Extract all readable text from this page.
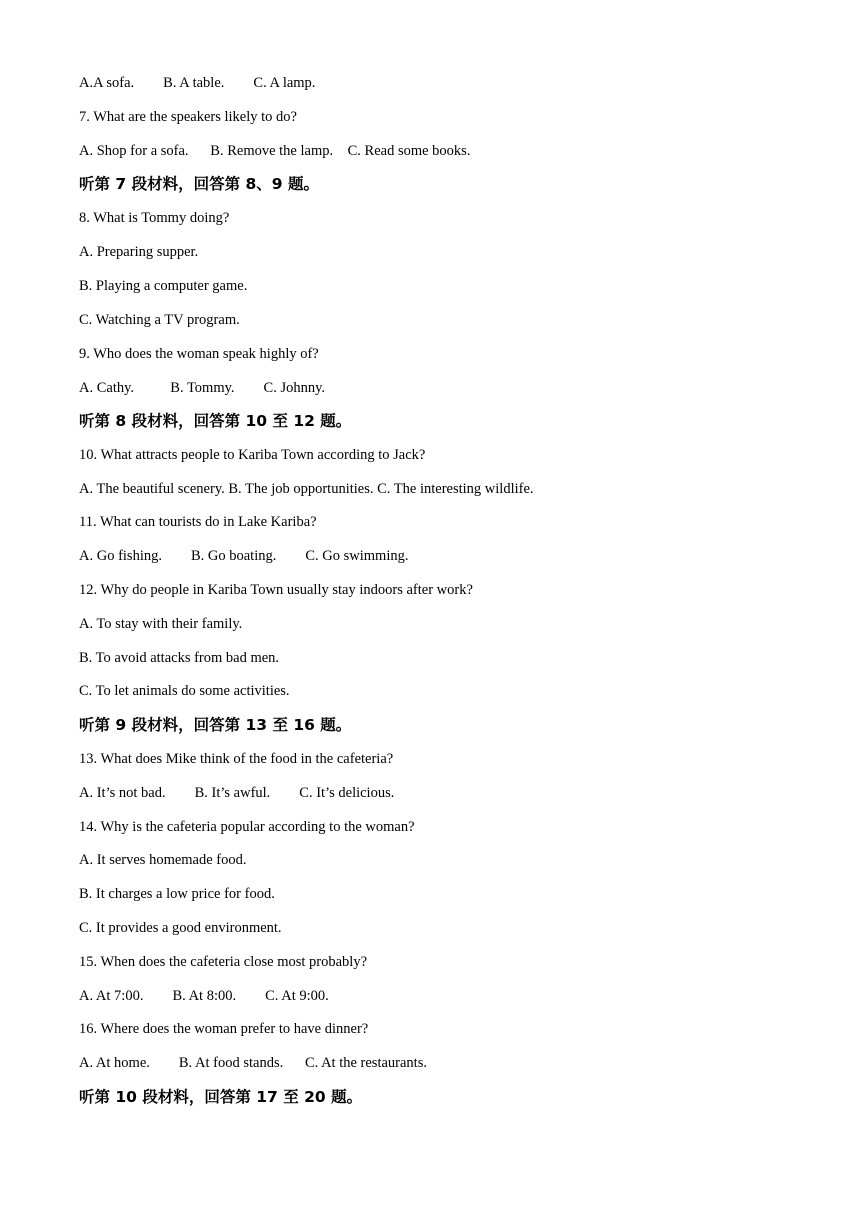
A.A sofa.        B. A table.        C. A lamp.
7. What are the speakers likely to do?
A. Shop for a sofa.      B. Remove the lamp.    C. Read some books.
听第 7 段材料，回答第 8、9 题。
8. What is Tommy doing?
A. Preparing supper.
B. Playing a computer game.
C. Watching a TV program.
9. Who does the woman speak highly of?
A. Cathy.          B. Tommy.        C. Johnny.
听第 8 段材料，回答第 10 至 12 题。
10. What attracts people to Kariba Town according to Jack?
A. The beautiful scenery. B. The job opportunities. C. The interesting wildlife.
11. What can tourists do in Lake Kariba?
A. Go fishing.        B. Go boating.        C. Go swimming.
12. Why do people in Kariba Town usually stay indoors after work?
A. To stay with their family.
B. To avoid attacks from bad men.
C. To let animals do some activities.
听第 9 段材料，回答第 13 至 16 题。
13. What does Mike think of the food in the cafeteria?
A. It’s not bad.        B. It’s awful.        C. It’s delicious.
14. Why is the cafeteria popular according to the woman?
A. It serves homemade food.
B. It charges a low price for food.
C. It provides a good environment.
15. When does the cafeteria close most probably?
A. At 7:00.        B. At 8:00.        C. At 9:00.
16. Where does the woman prefer to have dinner?
A. At home.        B. At food stands.      C. At the restaurants.
听第 10 段材料，回答第 17 至 20 题。
